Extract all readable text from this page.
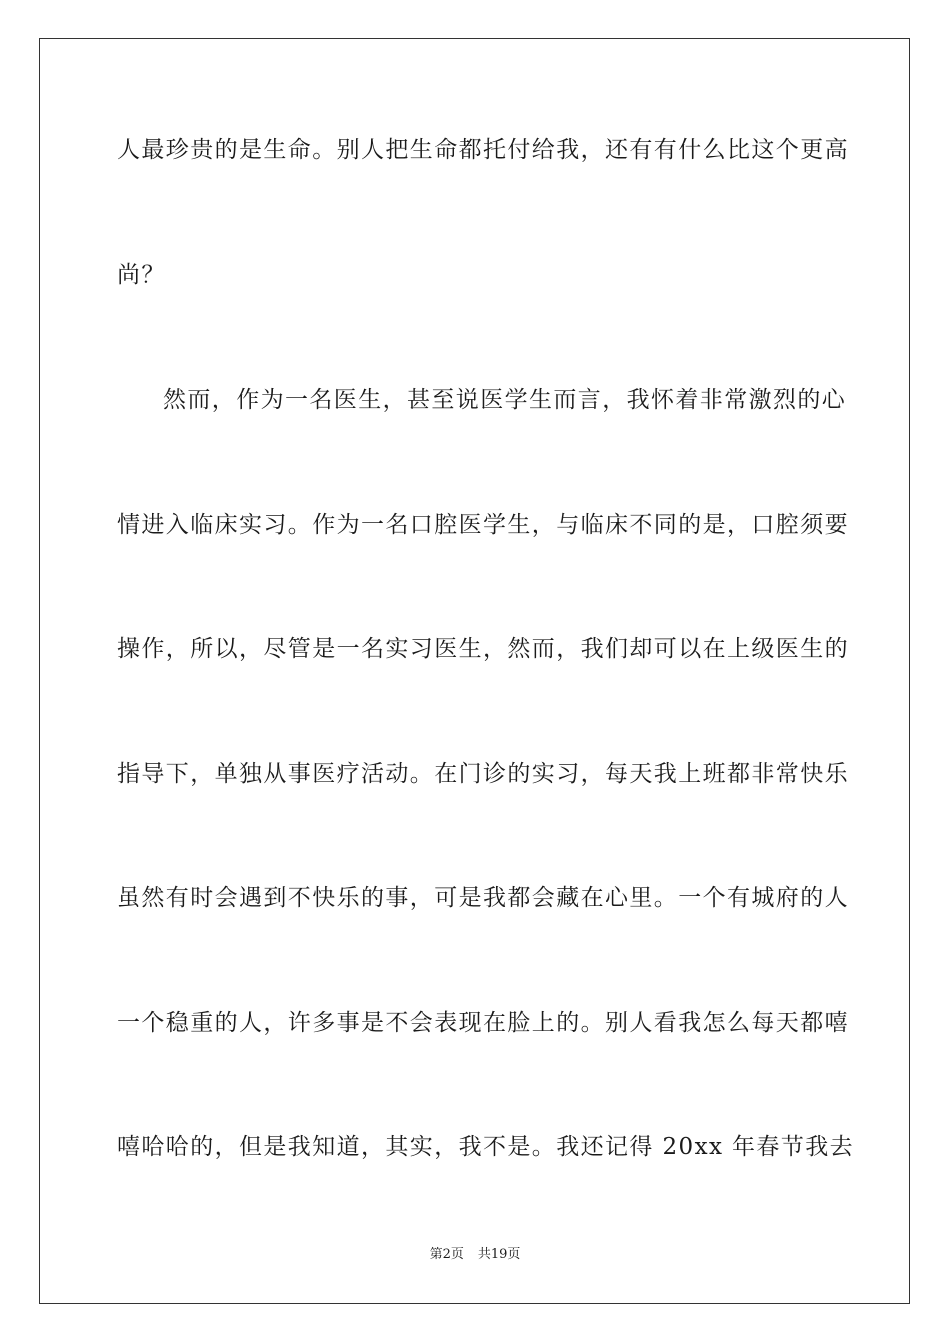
人最珍贵的是生命。别人把生命都托付给我，还有有什么比这个更高
尚？
然而，作为一名医生，甚至说医学生而言，我怀着非常激烈的心
情进入临床实习。作为一名口腔医学生，与临床不同的是，口腔须要
操作，所以，尽管是一名实习医生，然而，我们却可以在上级医生的
指导下，单独从事医疗活动。在门诊的实习，每天我上班都非常快乐
虽然有时会遇到不快乐的事，可是我都会藏在心里。一个有城府的人
一个稳重的人，许多事是不会表现在脸上的。别人看我怎么每天都嘻
嘻哈哈的，但是我知道，其实，我不是。我还记得 20xx 年春节我去
第2页 共19页
